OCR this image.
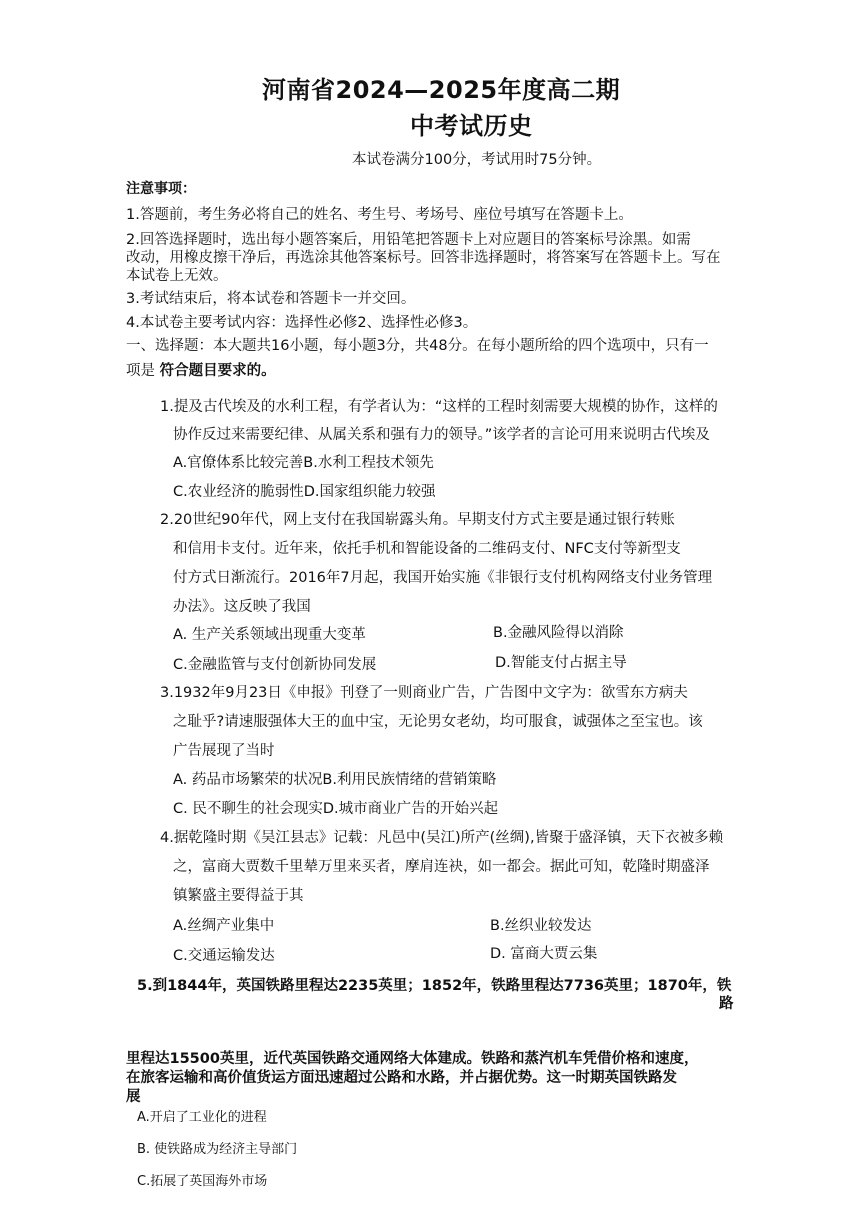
河南省2024—2025年度高二期
中考试历史
本试卷满分100分，考试用时75分钟。
注意事项：
1.答题前，考生务必将自己的姓名、考生号、考场号、座位号填写在答题卡上。
2.回答选择题时，选出每小题答案后，用铅笔把答题卡上对应题目的答案标号涂黑。如需
改动，用橡皮擦干净后，再选涂其他答案标号。回答非选择题时，将答案写在答题卡上。写在
本试卷上无效。
3.考试结束后，将本试卷和答题卡一并交回。
4.本试卷主要考试内容：选择性必修2、选择性必修3。
一、选择题：本大题共16小题，每小题3分，共48分。在每小题所给的四个选项中，只有一
项是 符合题目要求的。
1.提及古代埃及的水利工程，有学者认为：“这样的工程时刻需要大规模的协作，这样的
协作反过来需要纪律、从属关系和强有力的领导。”该学者的言论可用来说明古代埃及
A.官僚体系比较完善B.水利工程技术领先
C.农业经济的脆弱性D.国家组织能力较强
2.20世纪90年代，网上支付在我国崭露头角。早期支付方式主要是通过银行转账
和信用卡支付。近年来，依托手机和智能设备的二维码支付、NFC支付等新型支
付方式日渐流行。2016年7月起，我国开始实施《非银行支付机构网络支付业务管理
办法》。这反映了我国
A. 生产关系领域出现重大变革	B.金融风险得以消除
C.金融监管与支付创新协同发展	D.智能支付占据主导
3.1932年9月23日《申报》刊登了一则商业广告，广告图中文字为：欲雪东方病夫
之耻乎?请速服强体大王的血中宝，无论男女老幼，均可服食，诚强体之至宝也。该
广告展现了当时
A. 药品市场繁荣的状况B.利用民族情绪的营销策略
C. 民不聊生的社会现实D.城市商业广告的开始兴起
4.据乾隆时期《吴江县志》记载：凡邑中(吴江)所产(丝绸),皆聚于盛泽镇，天下衣被多赖
之，富商大贾数千里辇万里来买者，摩肩连袂，如一都会。据此可知，乾隆时期盛泽
镇繁盛主要得益于其
A.丝绸产业集中	B.丝织业较发达
C.交通运输发达	D. 富商大贾云集
5.到1844年，英国铁路里程达2235英里；1852年，铁路里程达7736英里；1870年，铁
路
里程达15500英里，近代英国铁路交通网络大体建成。铁路和蒸汽机车凭借价格和速度，
在旅客运输和高价值货运方面迅速超过公路和水路，并占据优势。这一时期英国铁路发
展
A.开启了工业化的进程
B. 使铁路成为经济主导部门
C.拓展了英国海外市场
